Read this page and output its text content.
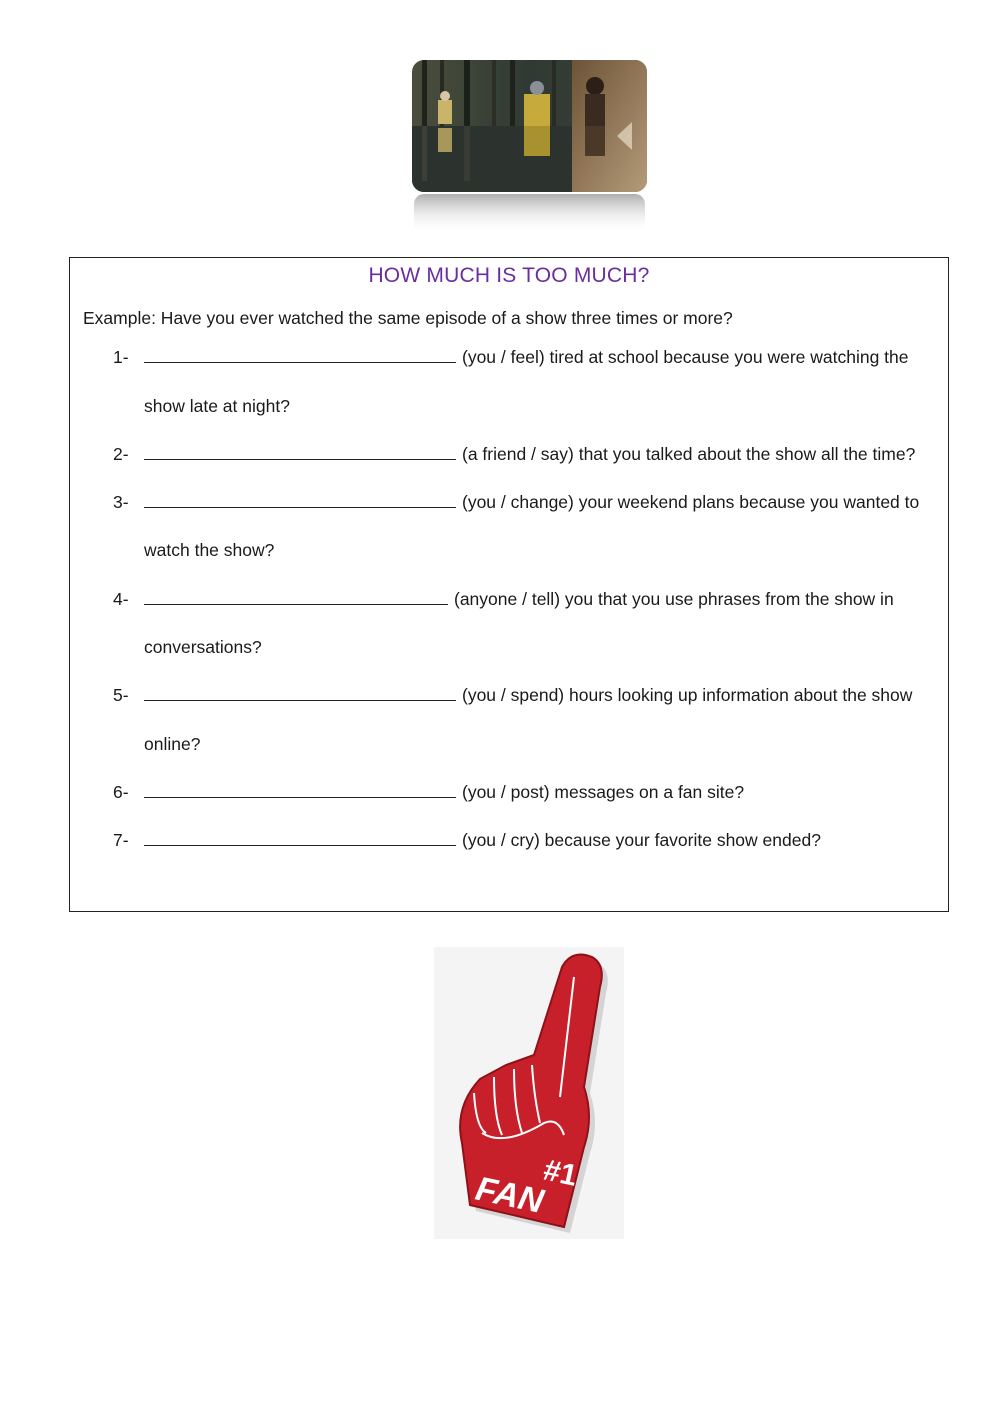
HOW MUCH IS TOO MUCH?
Example: Have you ever watched the same episode of a show three times or more?
1-	(you / feel) tired at school because you were watching the
show late at night?
2-	(a friend / say) that you talked about the show all the time?
3-	(you / change) your weekend plans because you wanted to
watch the show?
4-	(anyone / tell) you that you use phrases from the show in
conversations?
5-	(you / spend) hours looking up information about the show
online?
6-	(you / post) messages on a fan site?
7-	(you / cry) because your favorite show ended?
#1
FAN
